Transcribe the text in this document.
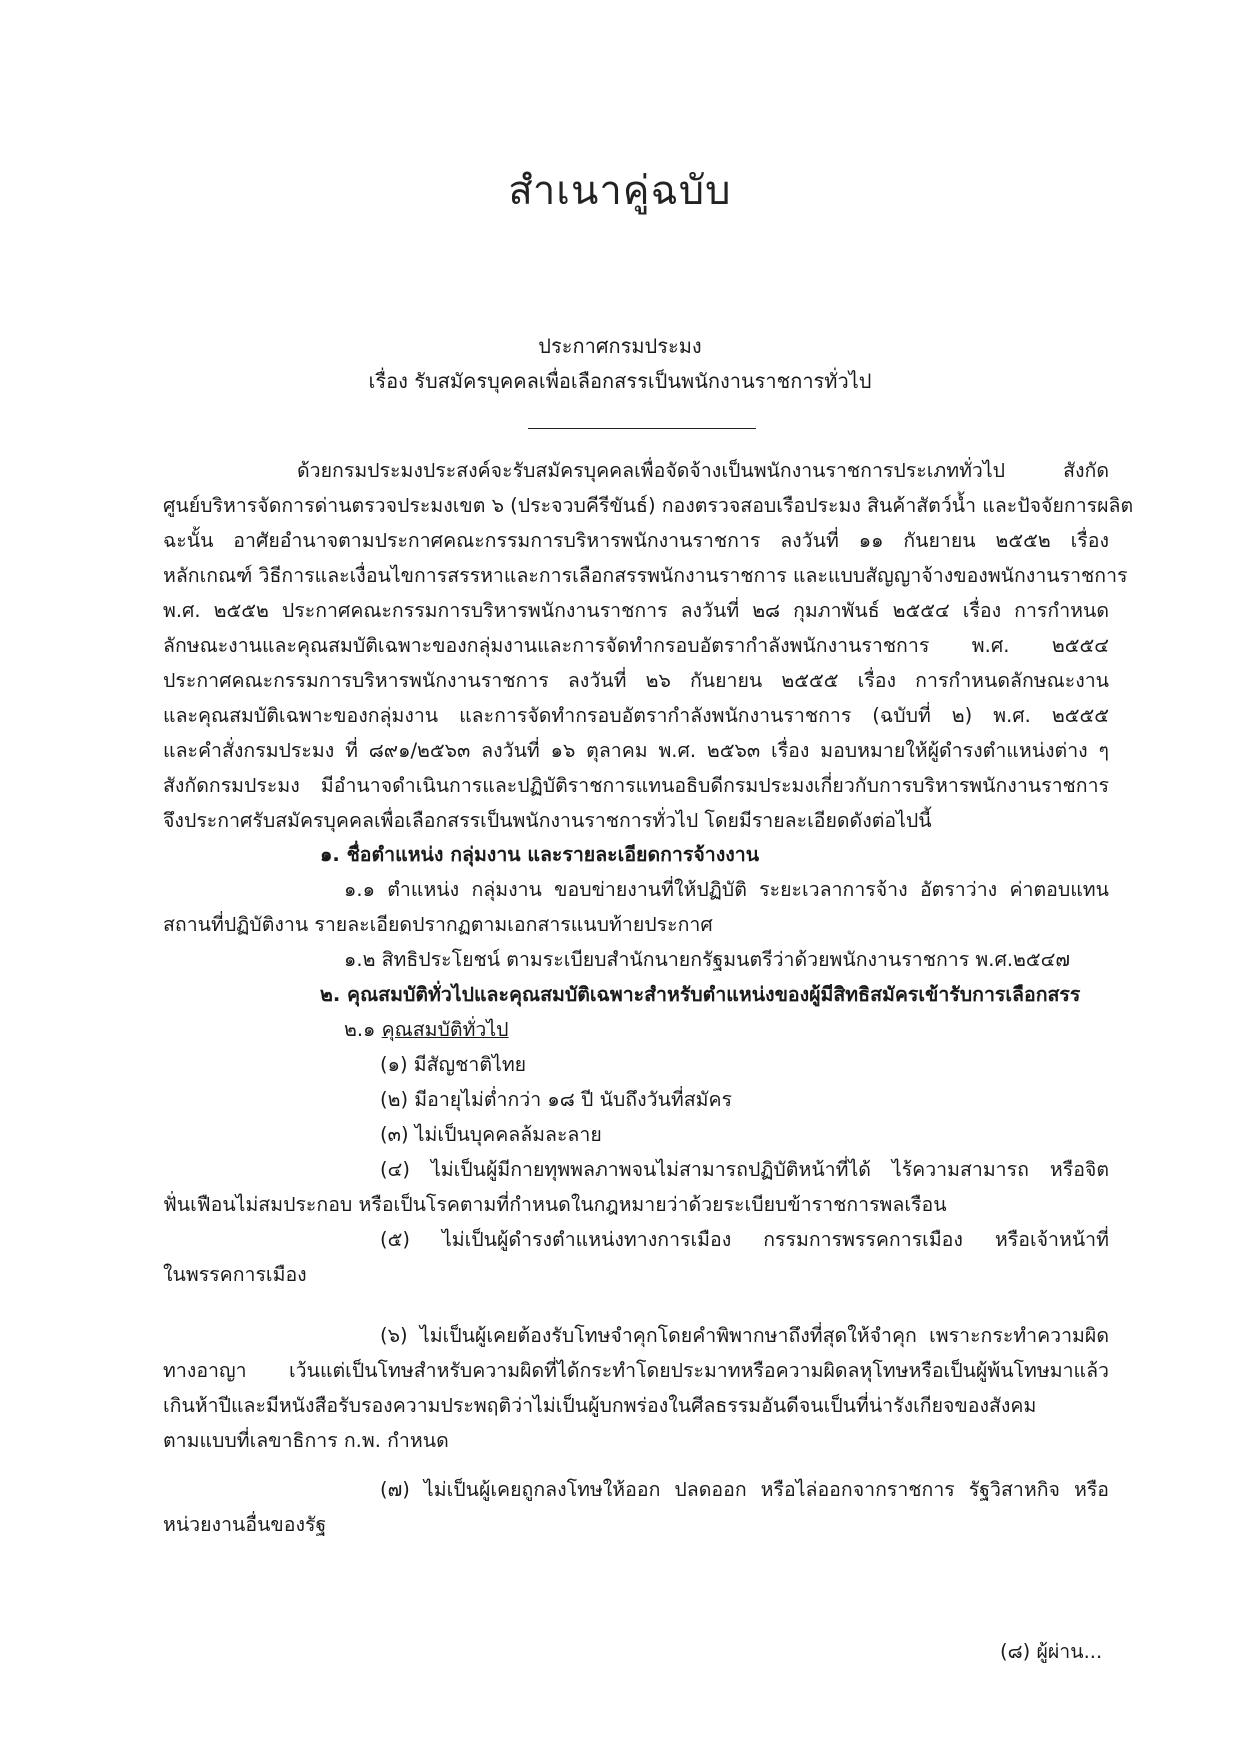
สำเนาคู่ฉบับ
ประกาศกรมประมง
เรื่อง รับสมัครบุคคลเพื่อเลือกสรรเป็นพนักงานราชการทั่วไป
ด้วยกรมประมงประสงค์จะรับสมัครบุคคลเพื่อจัดจ้างเป็นพนักงานราชการประเภททั่วไป สังกัด
ศูนย์บริหารจัดการด่านตรวจประมงเขต ๖ (ประจวบคีรีขันธ์) กองตรวจสอบเรือประมง สินค้าสัตว์น้ำ และปัจจัยการผลิต
ฉะนั้น อาศัยอำนาจตามประกาศคณะกรรมการบริหารพนักงานราชการ ลงวันที่ ๑๑ กันยายน ๒๕๕๒ เรื่อง
หลักเกณฑ์ วิธีการและเงื่อนไขการสรรหาและการเลือกสรรพนักงานราชการ และแบบสัญญาจ้างของพนักงานราชการ
พ.ศ. ๒๕๕๒ ประกาศคณะกรรมการบริหารพนักงานราชการ ลงวันที่ ๒๘ กุมภาพันธ์ ๒๕๕๔ เรื่อง การกำหนด
ลักษณะงานและคุณสมบัติเฉพาะของกลุ่มงานและการจัดทำกรอบอัตรากำลังพนักงานราชการ พ.ศ. ๒๕๕๔
ประกาศคณะกรรมการบริหารพนักงานราชการ ลงวันที่ ๒๖ กันยายน ๒๕๕๕ เรื่อง การกำหนดลักษณะงาน
และคุณสมบัติเฉพาะของกลุ่มงาน และการจัดทำกรอบอัตรากำลังพนักงานราชการ (ฉบับที่ ๒) พ.ศ. ๒๕๕๕
และคำสั่งกรมประมง ที่ ๘๙๑/๒๕๖๓ ลงวันที่ ๑๖ ตุลาคม พ.ศ. ๒๕๖๓ เรื่อง มอบหมายให้ผู้ดำรงตำแหน่งต่าง ๆ
สังกัดกรมประมง มีอำนาจดำเนินการและปฏิบัติราชการแทนอธิบดีกรมประมงเกี่ยวกับการบริหารพนักงานราชการ
จึงประกาศรับสมัครบุคคลเพื่อเลือกสรรเป็นพนักงานราชการทั่วไป โดยมีรายละเอียดดังต่อไปนี้
๑. ชื่อตำแหน่ง กลุ่มงาน และรายละเอียดการจ้างงาน
๑.๑ ตำแหน่ง กลุ่มงาน ขอบข่ายงานที่ให้ปฏิบัติ ระยะเวลาการจ้าง อัตราว่าง ค่าตอบแทน
สถานที่ปฏิบัติงาน รายละเอียดปรากฏตามเอกสารแนบท้ายประกาศ
๑.๒ สิทธิประโยชน์ ตามระเบียบสำนักนายกรัฐมนตรีว่าด้วยพนักงานราชการ พ.ศ.๒๕๔๗
๒. คุณสมบัติทั่วไปและคุณสมบัติเฉพาะสำหรับตำแหน่งของผู้มีสิทธิสมัครเข้ารับการเลือกสรร
๒.๑ คุณสมบัติทั่วไป
(๑) มีสัญชาติไทย
(๒) มีอายุไม่ต่ำกว่า ๑๘ ปี นับถึงวันที่สมัคร
(๓) ไม่เป็นบุคคลล้มละลาย
(๔) ไม่เป็นผู้มีกายทุพพลภาพจนไม่สามารถปฏิบัติหน้าที่ได้ ไร้ความสามารถ หรือจิต
ฟั่นเฟือนไม่สมประกอบ หรือเป็นโรคตามที่กำหนดในกฎหมายว่าด้วยระเบียบข้าราชการพลเรือน
(๕) ไม่เป็นผู้ดำรงตำแหน่งทางการเมือง กรรมการพรรคการเมือง หรือเจ้าหน้าที่
ในพรรคการเมือง
(๖) ไม่เป็นผู้เคยต้องรับโทษจำคุกโดยคำพิพากษาถึงที่สุดให้จำคุก เพราะกระทำความผิด
ทางอาญา เว้นแต่เป็นโทษสำหรับความผิดที่ได้กระทำโดยประมาทหรือความผิดลหุโทษหรือเป็นผู้พ้นโทษมาแล้ว
เกินห้าปีและมีหนังสือรับรองความประพฤติว่าไม่เป็นผู้บกพร่องในศีลธรรมอันดีจนเป็นที่น่ารังเกียจของสังคม
ตามแบบที่เลขาธิการ ก.พ. กำหนด
(๗) ไม่เป็นผู้เคยถูกลงโทษให้ออก ปลดออก หรือไล่ออกจากราชการ รัฐวิสาหกิจ หรือ
หน่วยงานอื่นของรัฐ
(๘) ผู้ผ่าน...
